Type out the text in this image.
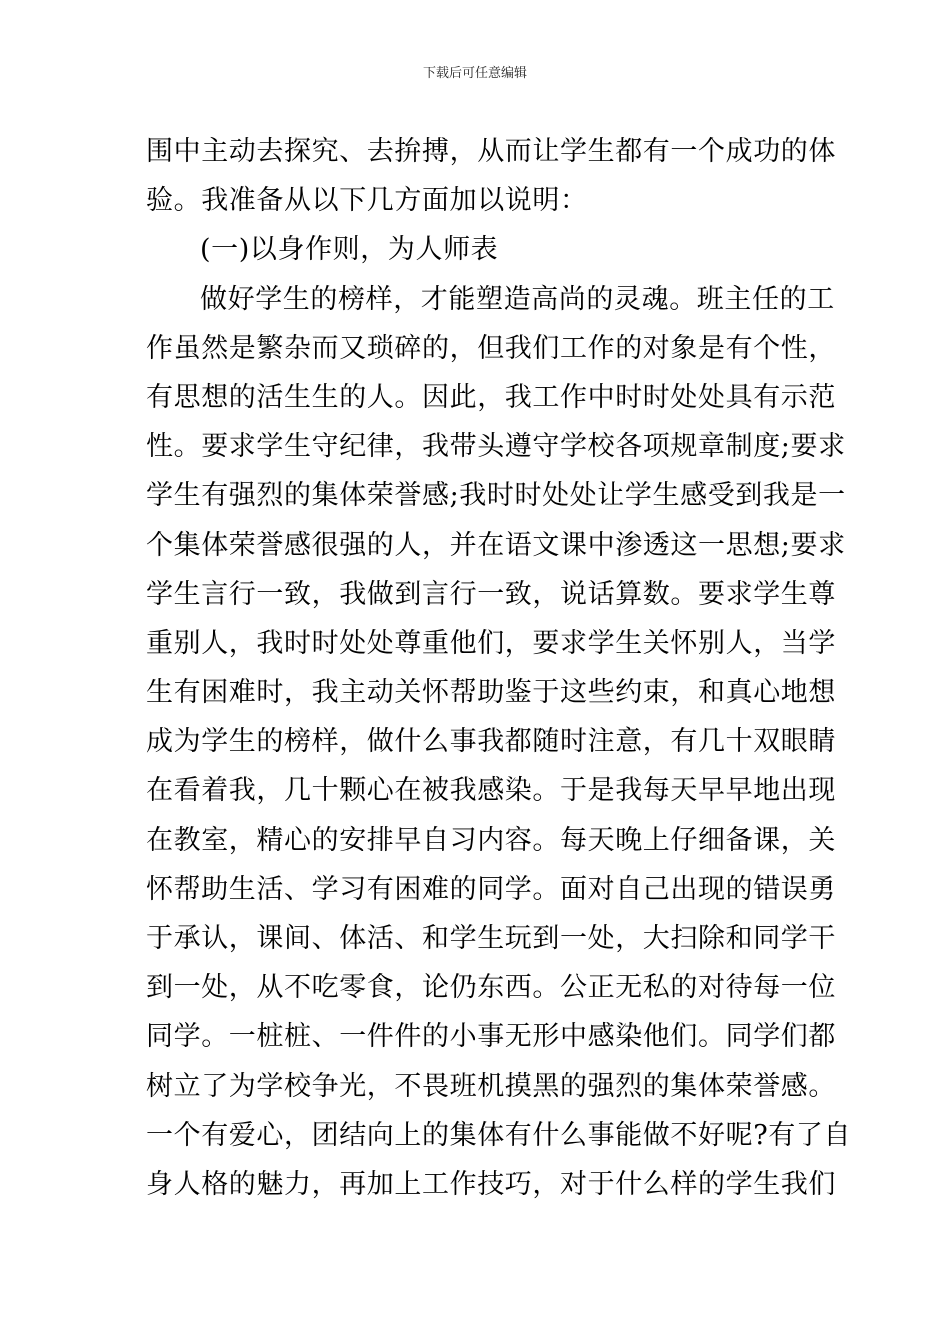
下载后可任意编辑
围中主动去探究、去拚搏，从而让学生都有一个成功的体
验。我准备从以下几方面加以说明：
(一)以身作则，为人师表
做好学生的榜样，才能塑造高尚的灵魂。班主任的工
作虽然是繁杂而又琐碎的，但我们工作的对象是有个性，
有思想的活生生的人。因此，我工作中时时处处具有示范
性。要求学生守纪律，我带头遵守学校各项规章制度;要求
学生有强烈的集体荣誉感;我时时处处让学生感受到我是一
个集体荣誉感很强的人，并在语文课中渗透这一思想;要求
学生言行一致，我做到言行一致，说话算数。要求学生尊
重别人，我时时处处尊重他们，要求学生关怀别人，当学
生有困难时，我主动关怀帮助鉴于这些约束，和真心地想
成为学生的榜样，做什么事我都随时注意，有几十双眼睛
在看着我，几十颗心在被我感染。于是我每天早早地出现
在教室，精心的安排早自习内容。每天晚上仔细备课，关
怀帮助生活、学习有困难的同学。面对自己出现的错误勇
于承认，课间、体活、和学生玩到一处，大扫除和同学干
到一处，从不吃零食，论仍东西。公正无私的对待每一位
同学。一桩桩、一件件的小事无形中感染他们。同学们都
树立了为学校争光，不畏班机摸黑的强烈的集体荣誉感。
一个有爱心，团结向上的集体有什么事能做不好呢?有了自
身人格的魅力，再加上工作技巧，对于什么样的学生我们
